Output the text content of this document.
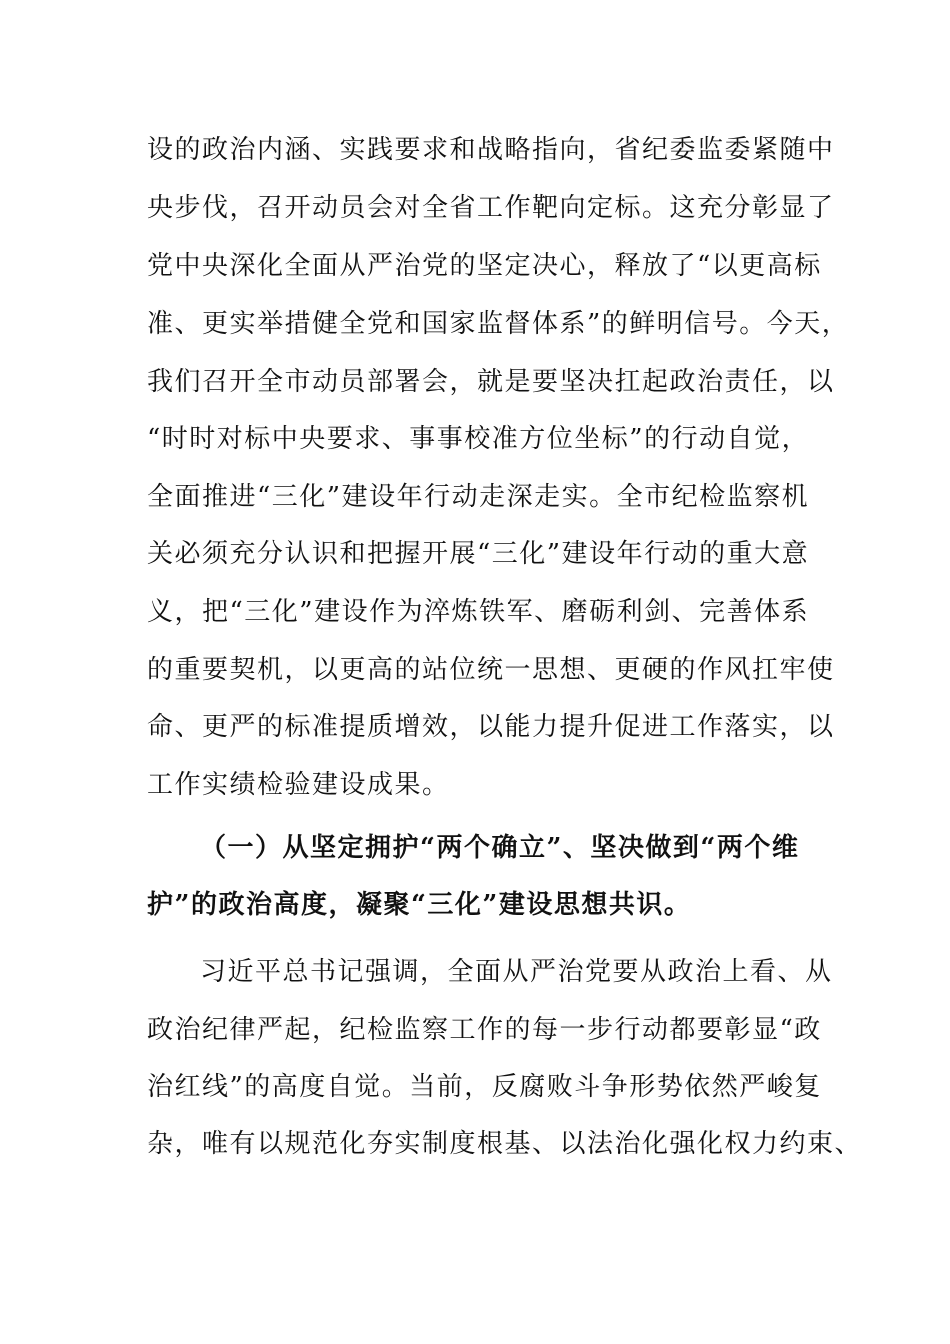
设的政治内涵、实践要求和战略指向，省纪委监委紧随中
央步伐，召开动员会对全省工作靶向定标。这充分彰显了
党中央深化全面从严治党的坚定决心，释放了“以更高标
准、更实举措健全党和国家监督体系”的鲜明信号。今天，
我们召开全市动员部署会，就是要坚决扛起政治责任，以
“时时对标中央要求、事事校准方位坐标”的行动自觉，
全面推进“三化”建设年行动走深走实。全市纪检监察机
关必须充分认识和把握开展“三化”建设年行动的重大意
义，把“三化”建设作为淬炼铁军、磨砺利剑、完善体系
的重要契机，以更高的站位统一思想、更硬的作风扛牢使
命、更严的标准提质增效，以能力提升促进工作落实，以
工作实绩检验建设成果。
（一）从坚定拥护“两个确立”、坚决做到“两个维
护”的政治高度，凝聚“三化”建设思想共识。
习近平总书记强调，全面从严治党要从政治上看、从
政治纪律严起，纪检监察工作的每一步行动都要彰显“政
治红线”的高度自觉。当前，反腐败斗争形势依然严峻复
杂，唯有以规范化夯实制度根基、以法治化强化权力约束、
